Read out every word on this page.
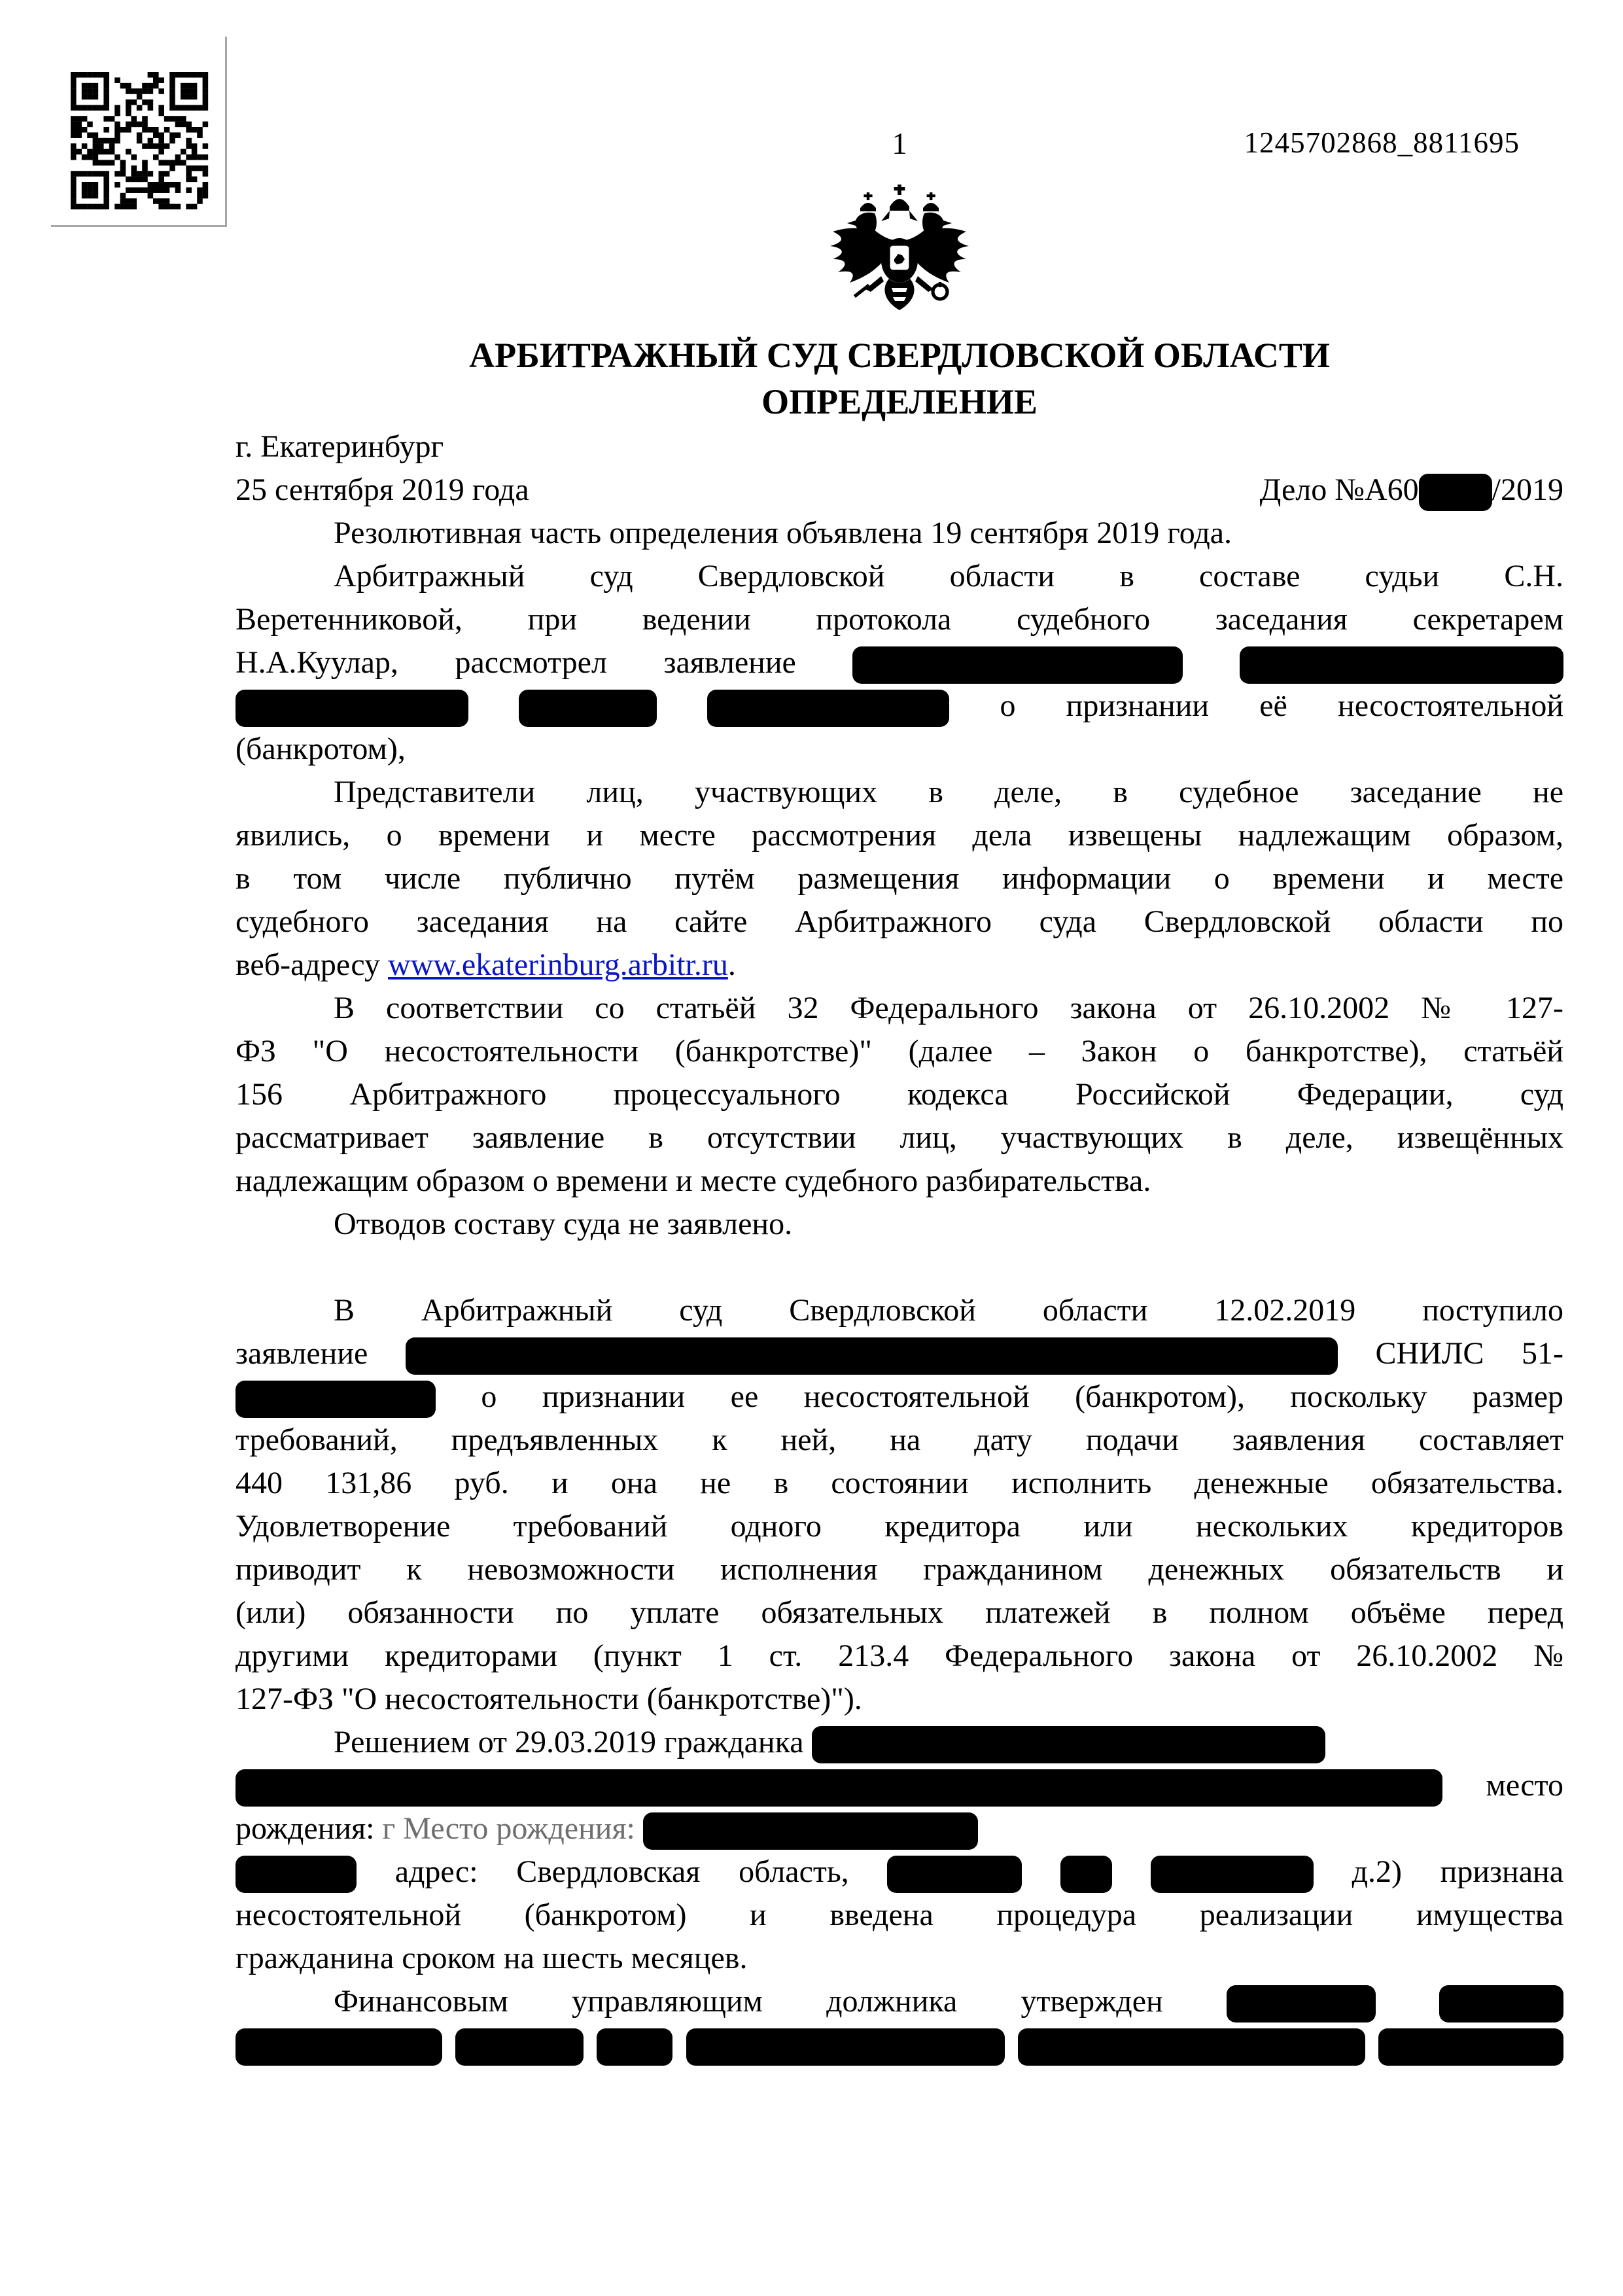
1	1245702868_8811695
АРБИТРАЖНЫЙ СУД СВЕРДЛОВСКОЙ ОБЛАСТИ
ОПРЕДЕЛЕНИЕ
г. Екатеринбург
25 сентября 2019 года	Дело №А60 /2019
Резолютивная часть определения объявлена 19 сентября 2019 года.
Арбитражный суд Свердловской области в составе судьи С.Н.
Веретенниковой, при ведении протокола судебного заседания секретарем
Н.А.Куулар, рассмотрел заявление
о признании её несостоятельной
(банкротом),
Представители лиц, участвующих в деле, в судебное заседание не
явились, о времени и месте рассмотрения дела извещены надлежащим образом,
в том числе публично путём размещения информации о времени и месте
судебного заседания на сайте Арбитражного суда Свердловской области по
веб-адресу www.ekaterinburg.arbitr.ru.
В соответствии со статьёй 32 Федерального закона от 26.10.2002 № 127-
ФЗ "О несостоятельности (банкротстве)" (далее – Закон о банкротстве), статьёй
156 Арбитражного процессуального кодекса Российской Федерации, суд
рассматривает заявление в отсутствии лиц, участвующих в деле, извещённых
надлежащим образом о времени и месте судебного разбирательства.
Отводов составу суда не заявлено.

В Арбитражный суд Свердловской области 12.02.2019 поступило
заявление	СНИЛС 51-
о признании ее несостоятельной (банкротом), поскольку размер
требований, предъявленных к ней, на дату подачи заявления составляет
440 131,86 руб. и она не в состоянии исполнить денежные обязательства.
Удовлетворение требований одного кредитора или нескольких кредиторов
приводит к невозможности исполнения гражданином денежных обязательств и
(или) обязанности по уплате обязательных платежей в полном объёме перед
другими кредиторами (пункт 1 ст. 213.4 Федерального закона от 26.10.2002 №
127-ФЗ "О несостоятельности (банкротстве)").
Решением от 29.03.2019 гражданка
место
рождения: г Место рождения:
адрес: Свердловская область,	д.2) признана
несостоятельной (банкротом) и введена процедура реализации имущества
гражданина сроком на шесть месяцев.
Финансовым управляющим должника утвержден
